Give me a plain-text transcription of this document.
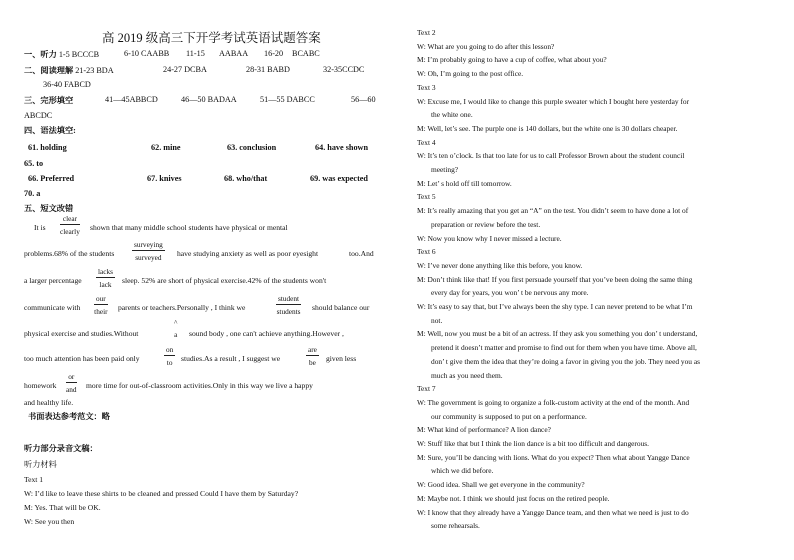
高 2019 级高三下开学考试英语试题答案
一、听力 1-5 BCCCB	6-10 CAABB 11-15 AABAA 16-20 BCABC
二、阅读理解 21-23 BDA	24-27 DCBA	28-31 BABD	32-35CCDC
36-40 FABCD
三、完形填空	41—45ABBCD	46—50 BADAA	51—55 DABCC	56—60
ABCDC
四、语法填空:
61. holding	62. mine	63. conclusion	64. have shown
65. to
66. Preferred	67. knives	68. who/that	69. was expected
70. a
五、短文改错
It is
clear
clearly shown that many middle school students have physical or mental
problems.68% of the students
surveying
surveyed	have studying anxiety as well as poor eyesight	too.And
a larger percentage
lacks
lack	sleep. 52% are short of physical exercise.42% of the students won't
communicate with
our
their parents or teachers.Personally , I think we
student
students should balance our
physical exercise and studies.Without
^
a sound body , one can't achieve anything.However ,
too much attention has been paid only
on
to	studies.As a result , I suggest we
are
be	given less
homework
or
and more time for out-of-classroom activities.Only in this way we live a happy
and healthy life.
书面表达参考范文：略
听力部分录音文稿：
听力材料
Text 1
W: I’d like to leave these shirts to be cleaned and pressed Could I have them by Saturday?
M: Yes. That will be OK.
W: See you then
Text 2
W: What are you going to do after this lesson?
M: I’m probably going to have a cup of coffee, what about you?
W: Oh, I’m going to the post office.
Text 3
W: Excuse me, I would like to change this purple sweater which I bought here yesterday for
the white one.
M: Well, let’s see. The purple one is 140 dollars, but the white one is 30 dollars cheaper.
Text 4
W: It’s ten o’clock. Is that too late for us to call Professor Brown about the student council
meeting?
M: Let’ s hold off till tomorrow.
Text 5
M: It’s really amazing that you get an “A” on the test. You didn’t seem to have done a lot of
preparation or review before the test.
W: Now you know why I never missed a lecture.
Text 6
W: I’ve never done anything like this before, you know.
M: Don’t think like that! If you first persuade yourself that you’ve been doing the same thing
every day for years, you won’ t be nervous any more.
W: It’s easy to say that, but I’ve always been the shy type. I can never pretend to be what I’m
not.
M: Well, now you must be a bit of an actress. If they ask you something you don’ t understand,
pretend it doesn’t matter and promise to find out for them when you have time. Above all,
don’ t give them the idea that they’re doing a favor in giving you the job. They need you as
much as you need them.
Text 7
W: The government is going to organize a folk-custom activity at the end of the month. And
our community is supposed to put on a performance.
M: What kind of performance? A lion dance?
W: Stuff like that but I think the lion dance is a bit too difficult and dangerous.
M: Sure, you’ll be dancing with lions. What do you expect? Then what about Yangge Dance
which we did before.
W: Good idea. Shall we get everyone in the community?
M: Maybe not. I think we should just focus on the retired people.
W: I know that they already have a Yangge Dance team, and then what we need is just to do
some rehearsals.
